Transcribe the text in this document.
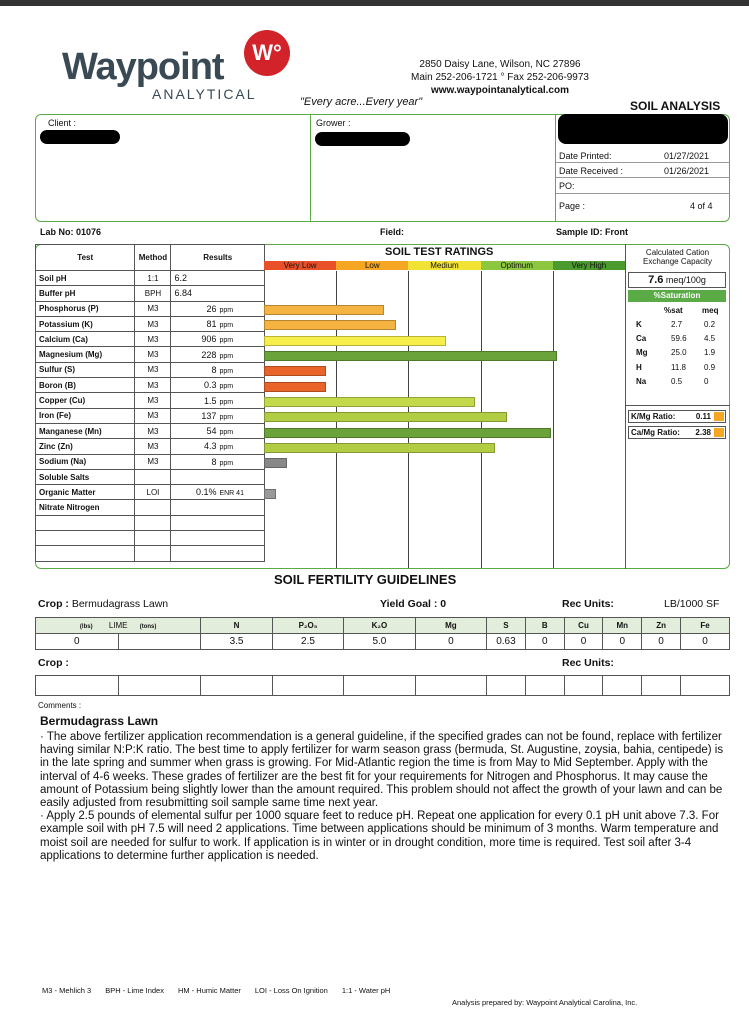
Waypoint	W°
ANALYTICAL	"Every acre...Every year"
2850 Daisy Lane, Wilson, NC 27896
Main 252-206-1721 ° Fax 252-206-9973
www.waypointanalytical.com
SOIL ANALYSIS
Client :	Grower :
Date Printed:	01/27/2021
Date Received :	01/26/2021
PO:
Page :	4 of 4
Lab No: 01076	Field:	Sample ID: Front
Test	Method	Results
Soil pH	1:1	6.2
Buffer pH	BPH	6.84
Phosphorus (P)	M3	26 ppm
Potassium (K)	M3	81 ppm
Calcium (Ca)	M3	906 ppm
Magnesium (Mg)	M3	228 ppm
Sulfur (S)	M3	8 ppm
Boron (B)	M3	0.3 ppm
Copper (Cu)	M3	1.5 ppm
Iron (Fe)	M3	137 ppm
Manganese (Mn)	M3	54 ppm
Zinc (Zn)	M3	4.3 ppm
Sodium (Na)	M3	8 ppm
Soluble Salts		
Organic Matter	LOI	0.1% ENR 41
Nitrate Nitrogen		

SOIL TEST RATINGS
Very Low	Low	Medium	Optimum	Very High
Calculated Cation Exchange Capacity
7.6 meq/100g
%Saturation
%sat meq
K	2.7	0.2
Ca	59.6 4.5
Mg	25.0 1.9
H	11.8 0.9
Na	0.5	0
K/Mg Ratio:	0.11
Ca/Mg Ratio: 2.38
SOIL FERTILITY GUIDELINES
Crop : Bermudagrass Lawn	Yield Goal : 0	Rec Units:	LB/1000 SF
(lbs) LIME (tons)		N	P₂O₅	K₂O	Mg	S	B	Cu	Mn	Zn	Fe
0		3.5	2.5	5.0	0	0.63	0	0	0	0	0
Crop :	Rec Units:

Comments :
Bermudagrass Lawn

· The above fertilizer application recommendation is a general guideline, if the specified grades can not be found, replace with fertilizer having similar N:P:K ratio. The best time to apply fertilizer for warm season grass (bermuda, St. Augustine, zoysia, bahia, centipede) is in the late spring and summer when grass is growing. For Mid-Atlantic region the time is from May to Mid September. Apply with the interval of 4-6 weeks. These grades of fertilizer are the best fit for your requirements for Nitrogen and Phosphorus. It may cause the amount of Potassium being slightly lower than the amount required. This problem should not affect the growth of your lawn and can be easily adjusted from resubmitting soil sample same time next year.

· Apply 2.5 pounds of elemental sulfur per 1000 square feet to reduce pH. Repeat one application for every 0.1 pH unit above 7.3. For example soil with pH 7.5 will need 2 applications. Time between applications should be minimum of 3 months. Warm temperature and moist soil are needed for sulfur to work. If application is in winter or in drought condition, more time is required. Test soil after 3-4 applications to determine further application is needed.

M3 - Mehlich 3 BPH - Lime Index HM - Humic Matter LOI - Loss On Ignition 1:1 - Water pH
Analysis prepared by: Waypoint Analytical Carolina, Inc.
